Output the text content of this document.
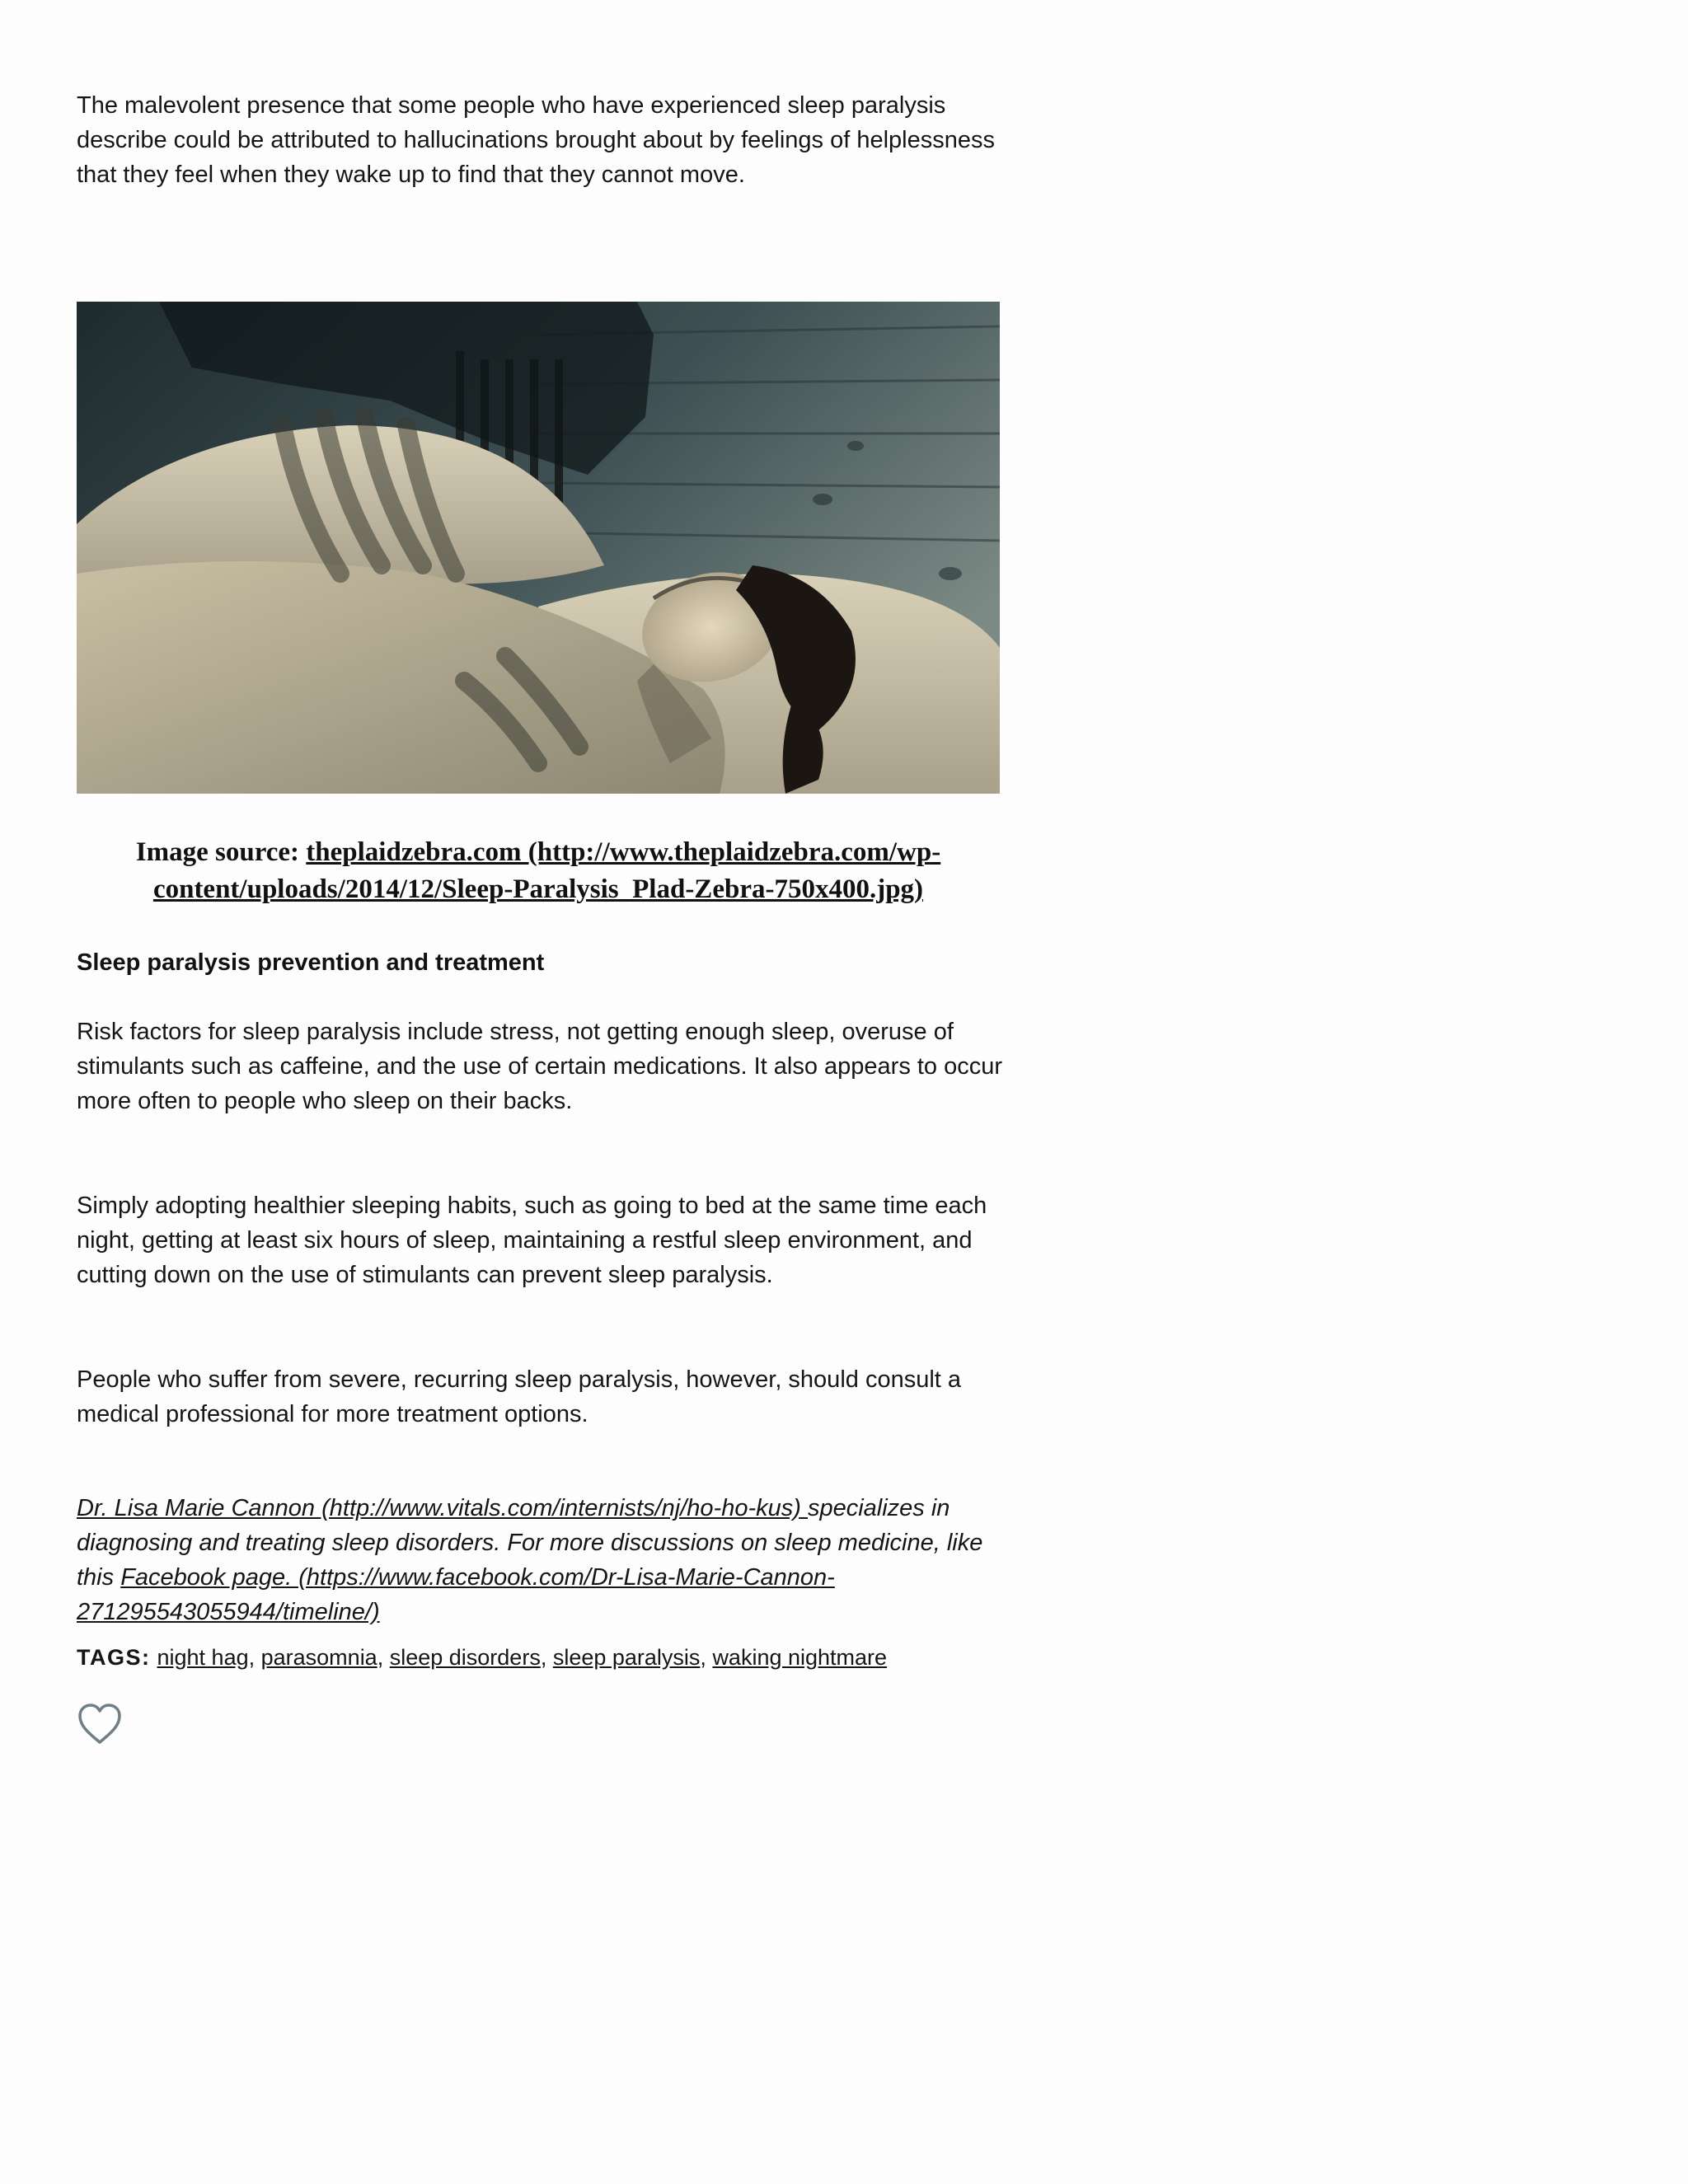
The malevolent presence that some people who have experienced sleep paralysis describe could be attributed to hallucinations brought about by feelings of helplessness that they feel when they wake up to find that they cannot move.

Image source: theplaidzebra.com (http://www.theplaidzebra.com/wp-content/uploads/2014/12/Sleep-Paralysis_Plad-Zebra-750x400.jpg)
Sleep paralysis prevention and treatment

Risk factors for sleep paralysis include stress, not getting enough sleep, overuse of stimulants such as caffeine, and the use of certain medications. It also appears to occur more often to people who sleep on their backs.

Simply adopting healthier sleeping habits, such as going to bed at the same time each night, getting at least six hours of sleep, maintaining a restful sleep environment, and cutting down on the use of stimulants can prevent sleep paralysis.

People who suffer from severe, recurring sleep paralysis, however, should consult a medical professional for more treatment options.

Dr. Lisa Marie Cannon (http://www.vitals.com/internists/nj/ho-ho-kus) specializes in diagnosing and treating sleep disorders. For more discussions on sleep medicine, like this Facebook page. (https://www.facebook.com/Dr-Lisa-Marie-Cannon-271295543055944/timeline/)

TAGS: night hag, parasomnia, sleep disorders, sleep paralysis, waking nightmare
